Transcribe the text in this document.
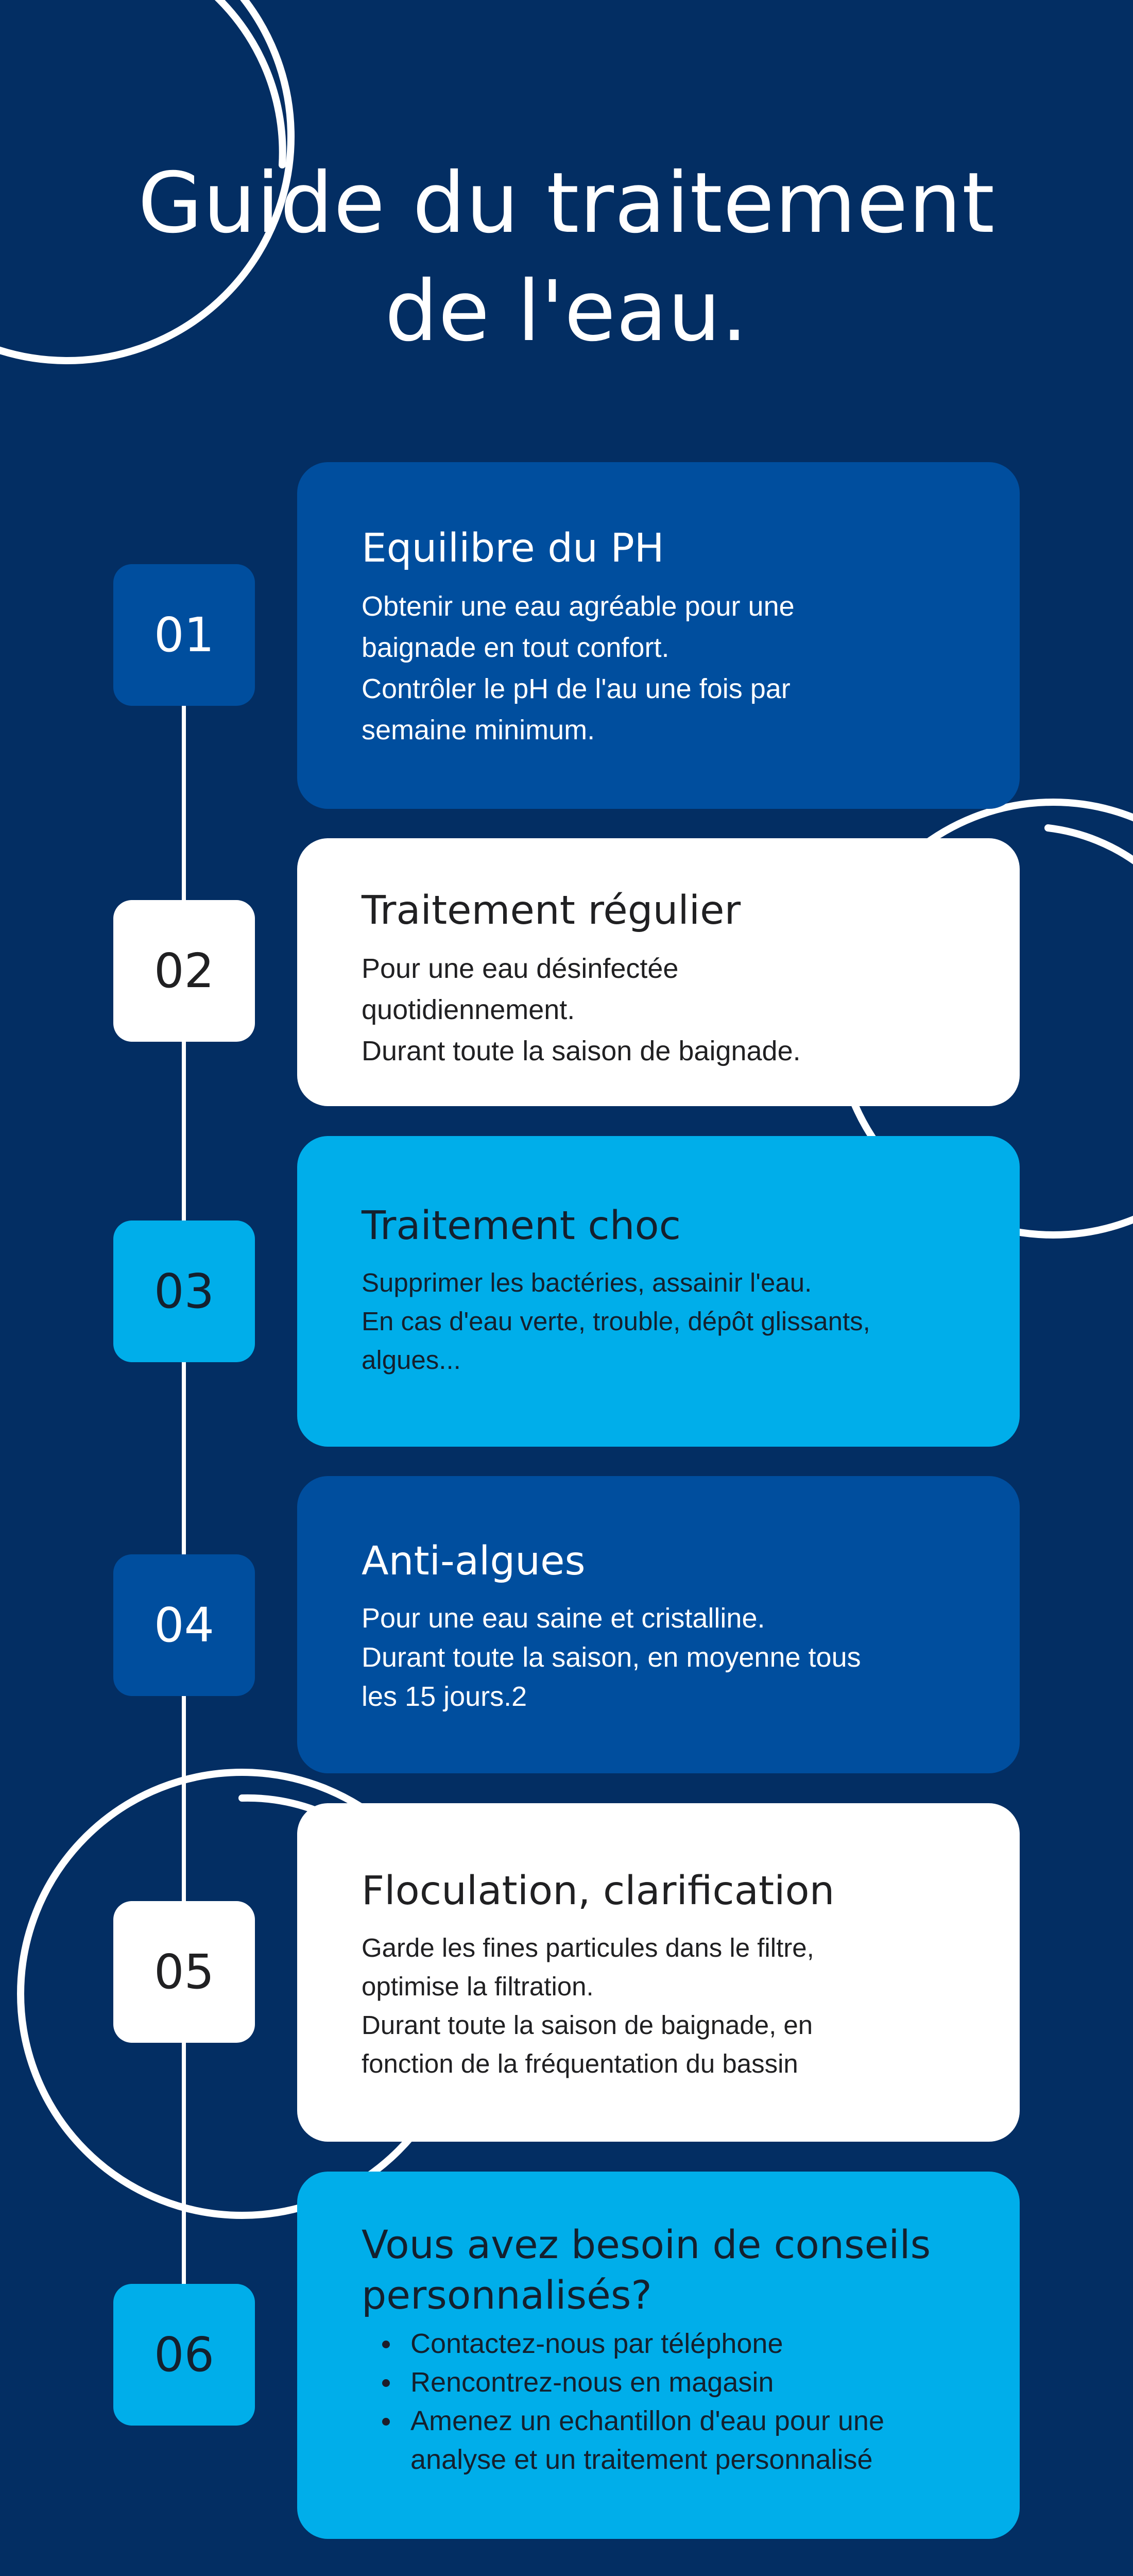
Guide du traitement
de l'eau.
01
Equilibre du PH

Obtenir une eau agréable pour une
baignade en tout confort.
Contrôler le pH de l'au une fois par
semaine minimum.

02
Traitement régulier

Pour une eau désinfectée
quotidiennement.
Durant toute la saison de baignade.

03
Traitement choc

Supprimer les bactéries, assainir l'eau.
En cas d'eau verte, trouble, dépôt glissants,
algues...

04
Anti-algues

Pour une eau saine et cristalline.
Durant toute la saison, en moyenne tous
les 15 jours.2

05
Floculation, clarification

Garde les fines particules dans le filtre,
optimise la filtration.
Durant toute la saison de baignade, en
fonction de la fréquentation du bassin

06
Vous avez besoin de conseils
personnalisés?
Contactez-nous par téléphone
Rencontrez-nous en magasin
Amenez un echantillon d'eau pour une
analyse et un traitement personnalisé
